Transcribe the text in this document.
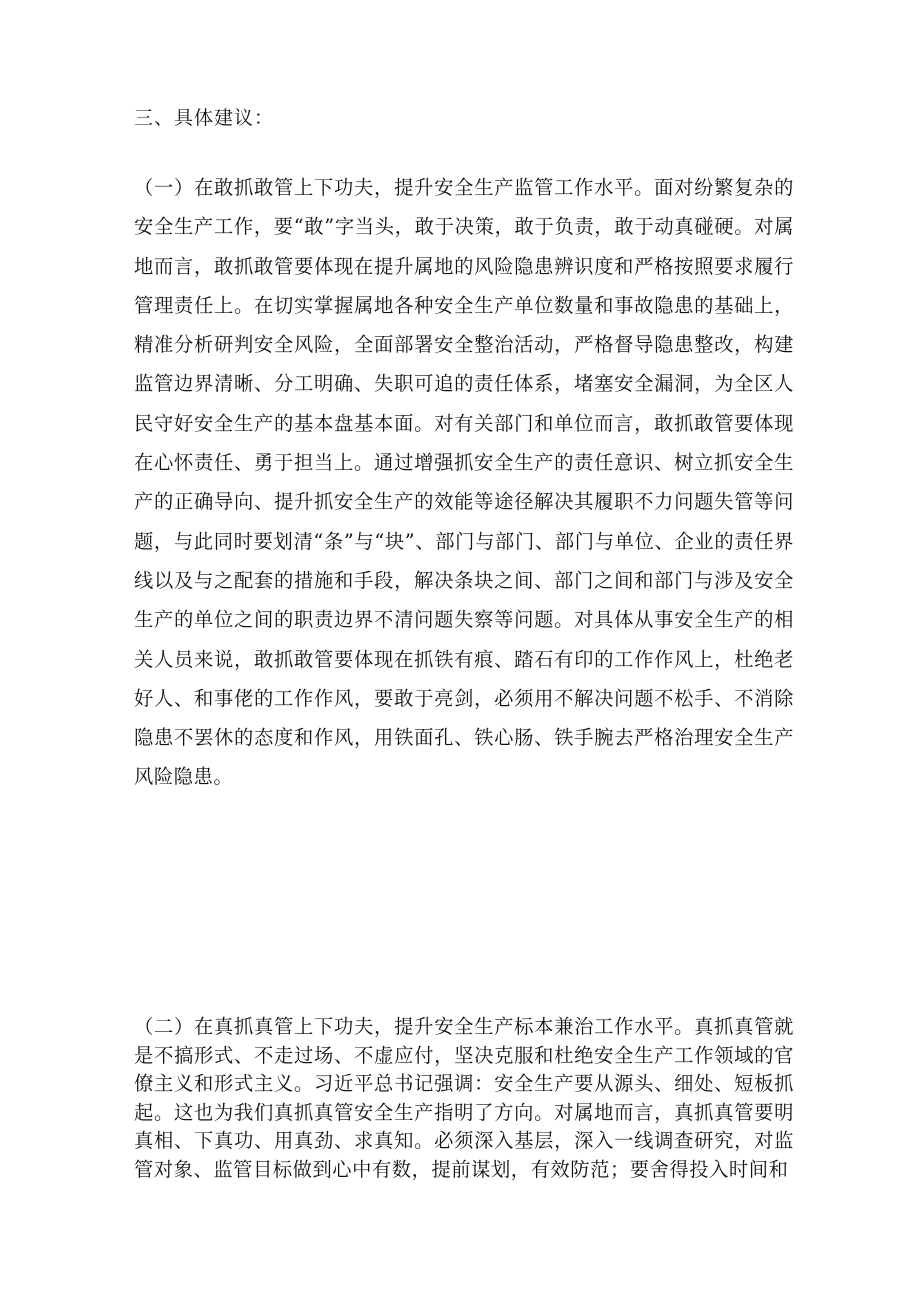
三、具体建议：
（一）在敢抓敢管上下功夫，提升安全生产监管工作水平。面对纷繁复杂的安全生产工作，要“敢”字当头，敢于决策，敢于负责，敢于动真碰硬。对属地而言，敢抓敢管要体现在提升属地的风险隐患辨识度和严格按照要求履行管理责任上。在切实掌握属地各种安全生产单位数量和事故隐患的基础上，精准分析研判安全风险，全面部署安全整治活动，严格督导隐患整改，构建监管边界清晰、分工明确、失职可追的责任体系，堵塞安全漏洞，为全区人民守好安全生产的基本盘基本面。对有关部门和单位而言，敢抓敢管要体现在心怀责任、勇于担当上。通过增强抓安全生产的责任意识、树立抓安全生产的正确导向、提升抓安全生产的效能等途径解决其履职不力问题失管等问题，与此同时要划清“条”与“块”、部门与部门、部门与单位、企业的责任界线以及与之配套的措施和手段，解决条块之间、部门之间和部门与涉及安全生产的单位之间的职责边界不清问题失察等问题。对具体从事安全生产的相关人员来说，敢抓敢管要体现在抓铁有痕、踏石有印的工作作风上，杜绝老好人、和事佬的工作作风，要敢于亮剑，必须用不解决问题不松手、不消除隐患不罢休的态度和作风，用铁面孔、铁心肠、铁手腕去严格治理安全生产风险隐患。
（二）在真抓真管上下功夫，提升安全生产标本兼治工作水平。真抓真管就是不搞形式、不走过场、不虚应付，坚决克服和杜绝安全生产工作领域的官僚主义和形式主义。习近平总书记强调：安全生产要从源头、细处、短板抓起。这也为我们真抓真管安全生产指明了方向。对属地而言，真抓真管要明真相、下真功、用真劲、求真知。必须深入基层，深入一线调查研究，对监管对象、监管目标做到心中有数，提前谋划，有效防范；要舍得投入时间和
